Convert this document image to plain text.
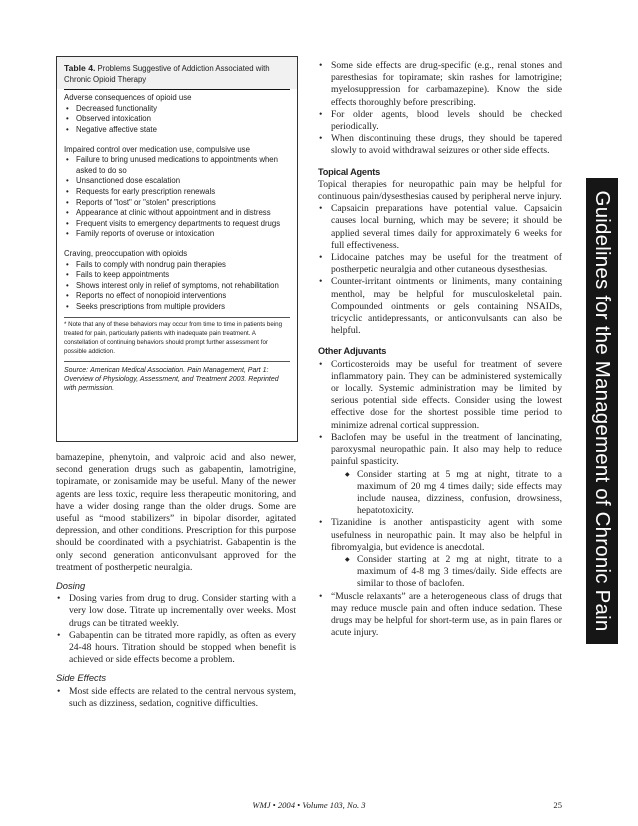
Table 4. Problems Suggestive of Addiction Associated with Chronic Opioid Therapy
Adverse consequences of opioid use
• Decreased functionality
• Observed intoxication
• Negative affective state
Impaired control over medication use, compulsive use
• Failure to bring unused medications to appointments when asked to do so
• Unsanctioned dose escalation
• Requests for early prescription renewals
• Reports of "lost" or "stolen" prescriptions
• Appearance at clinic without appointment and in distress
• Frequent visits to emergency departments to request drugs
• Family reports of overuse or intoxication
Craving, preoccupation with opioids
• Fails to comply with nondrug pain therapies
• Fails to keep appointments
• Shows interest only in relief of symptoms, not rehabilitation
• Reports no effect of nonopioid interventions
• Seeks prescriptions from multiple providers
* Note that any of these behaviors may occur from time to time in patients being treated for pain, particularly patients with inadequate pain treatment. A constellation of continuing behaviors should prompt further assessment for possible addiction.
Source: American Medical Association. Pain Management, Part 1: Overview of Physiology, Assessment, and Treatment 2003. Reprinted with permission.

bamazepine, phenytoin, and valproic acid and also newer, second generation drugs such as gabapentin, lamotrigine, topiramate, or zonisamide may be useful. Many of the newer agents are less toxic, require less therapeutic monitoring, and have a wider dosing range than the older drugs. Some are useful as “mood stabilizers” in bipolar disorder, agitated depression, and other conditions. Prescription for this purpose should be coordinated with a psychiatrist. Gabapentin is the only second generation anticonvulsant approved for the treatment of postherpetic neuralgia.

Dosing
• Dosing varies from drug to drug. Consider starting with a very low dose. Titrate up incrementally over weeks. Most drugs can be titrated weekly.
• Gabapentin can be titrated more rapidly, as often as every 24-48 hours. Titration should be stopped when benefit is achieved or side effects become a problem.
Side Effects
• Most side effects are related to the central nervous system, such as dizziness, sedation, cognitive difficulties.
• Some side effects are drug-specific (e.g., renal stones and paresthesias for topiramate; skin rashes for lamotrigine; myelosuppression for carbamazepine). Know the side effects thoroughly before prescribing.
• For older agents, blood levels should be checked periodically.
• When discontinuing these drugs, they should be tapered slowly to avoid withdrawal seizures or other side effects.
Topical Agents

Topical therapies for neuropathic pain may be helpful for continuous pain/dysesthesias caused by peripheral nerve injury.

• Capsaicin preparations have potential value. Capsaicin causes local burning, which may be severe; it should be applied several times daily for approximately 6 weeks for full effectiveness.
• Lidocaine patches may be useful for the treatment of postherpetic neuralgia and other cutaneous dysesthesias.
• Counter-irritant ointments or liniments, many containing menthol, may be helpful for musculoskeletal pain. Compounded ointments or gels containing NSAIDs, tricyclic antidepressants, or anticonvulsants can also be helpful.
Other Adjuvants
• Corticosteroids may be useful for treatment of severe inflammatory pain. They can be administered systemically or locally. Systemic administration may be limited by serious potential side effects. Consider using the lowest effective dose for the shortest possible time period to minimize adrenal cortical suppression.
• Baclofen may be useful in the treatment of lancinating, paroxysmal neuropathic pain. It also may help to reduce painful spasticity.
◆ Consider starting at 5 mg at night, titrate to a maximum of 20 mg 4 times daily; side effects may include nausea, dizziness, confusion, drowsiness, hepatotoxicity.
• Tizanidine is another antispasticity agent with some usefulness in neuropathic pain. It may also be helpful in fibromyalgia, but evidence is anecdotal.
◆ Consider starting at 2 mg at night, titrate to a maximum of 4-8 mg 3 times/daily. Side effects are similar to those of baclofen.
• “Muscle relaxants” are a heterogeneous class of drugs that may reduce muscle pain and often induce sedation. These drugs may be helpful for short-term use, as in pain flares or acute injury.
Guidelines for the Management of Chronic Pain
WMJ • 2004 • Volume 103, No. 3	25
